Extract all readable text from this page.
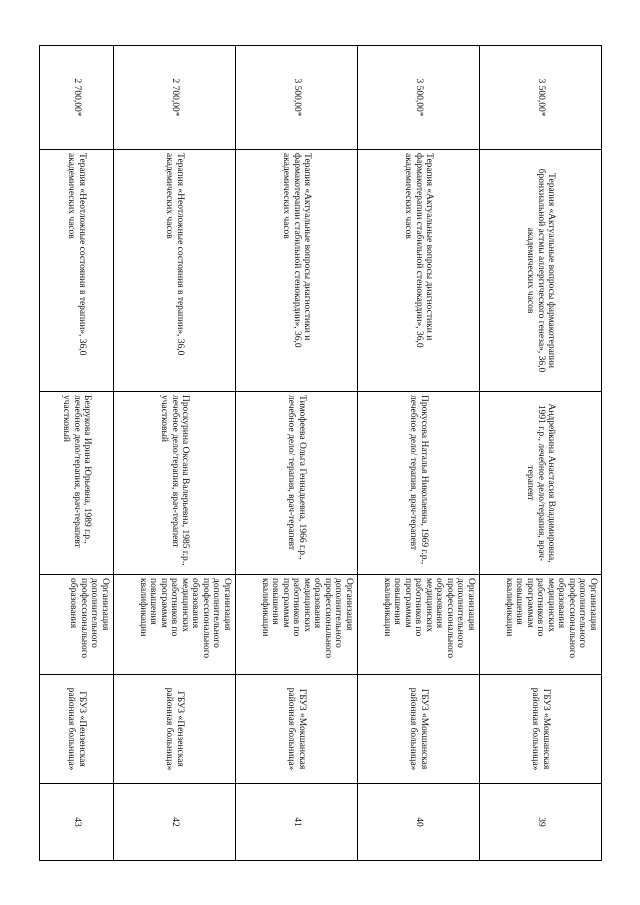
3 500,00*	Терапия «Актуальные вопросы фармакотерапии бронхиальной астмы аллергического генеза», 36,0 академических часов	Андрейкина Анастасия Владимировна, 1991 г.р., лечебное дело/терапия, врач-терапевт	Организация дополнительного профессионального образования медицинских работников по программам повышения квалификации	ГБУЗ «Мокшанская районная больница»	39
3 500,00*	Терапия «Актуальные вопросы диагностики и фармакотерапии стабильной стенокардии», 36,0 академических часов	Прокусова Наталья Николаевна, 1969 г.р., лечебное дело/ терапия, врач-терапевт	Организация дополнительного профессионального образования медицинских работников по программам повышения квалификации	ГБУЗ «Мокшанская районная больница»	40
3 500,00*	Терапия «Актуальные вопросы диагностики и фармакотерапии стабильной стенокардии», 36,0 академических часов	Тимофеева Ольга Геннадьевна, 1966 г.р., лечебное дело/ терапия, врач-терапевт	Организация дополнительного профессионального образования медицинских работников по программам повышения квалификации	ГБУЗ «Мокшанская районная больница»	41
2 700,00*	Терапия «Неотложные состояния в терапии», 36,0 академических часов	Проскурина Оксана Валерьевна, 1985 г.р., лечебное дело/терапия, врач-терапевт участковый	Организация дополнительного профессионального образования медицинских работников по программам повышения квалификации	ГБУЗ «Пензенская районная больница»	42
2 700,00*	Терапия «Неотложные состояния в терапии», 36,0 академических часов	Безрукова Ирина Юрьевна, 1989 г.р., лечебное дело/терапия, врач-терапевт участковый	Организация дополнительного профессионального образования	ГБУЗ «Пензенская районная больница»	43
